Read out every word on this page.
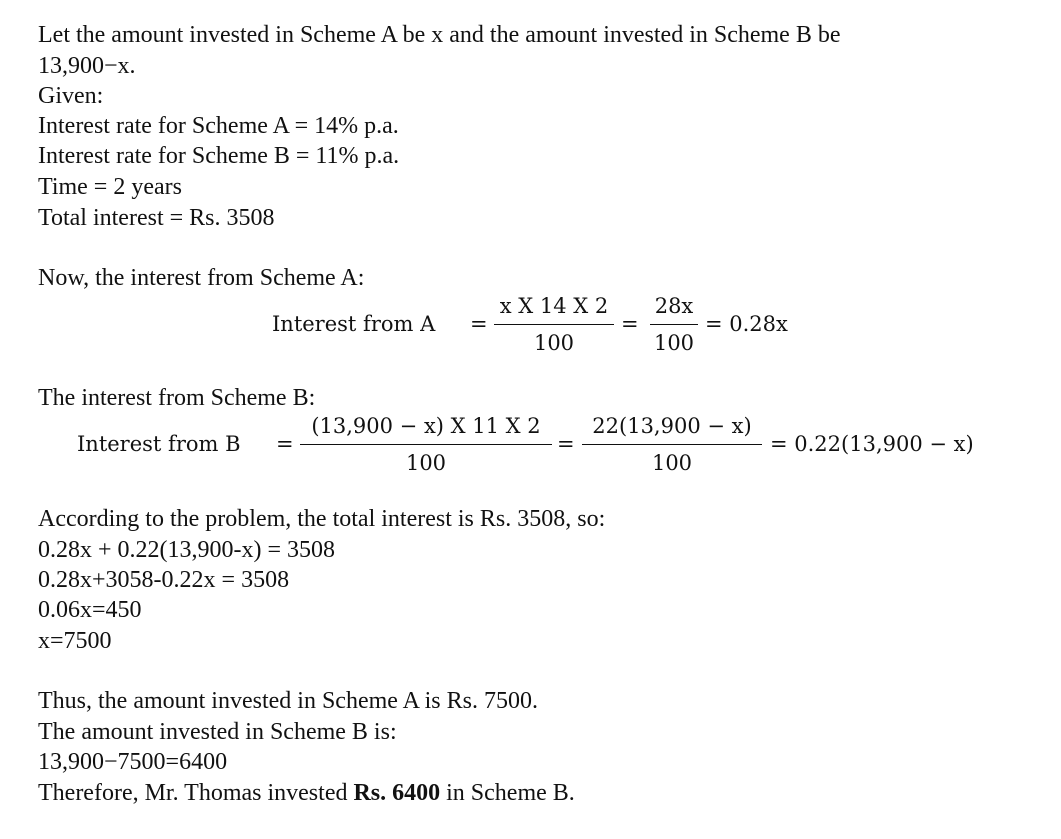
Let the amount invested in Scheme A be x and the amount invested in Scheme B be
13,900−x.
Given:
Interest rate for Scheme A = 14% p.a.
Interest rate for Scheme B = 11% p.a.
Time = 2 years
Total interest = Rs. 3508
Now, the interest from Scheme A:
Interest from A =
x X 14 X 2
100
=
28x
100
= 0.28x
The interest from Scheme B:
Interest from B =
(13,900 − x) X 11 X 2
100
=
22(13,900 − x)
100
= 0.22(13,900 − x)
According to the problem, the total interest is Rs. 3508, so:
0.28x + 0.22(13,900-x) = 3508
0.28x+3058-0.22x = 3508
0.06x=450
x=7500
Thus, the amount invested in Scheme A is Rs. 7500.
The amount invested in Scheme B is:
13,900−7500=6400
Therefore, Mr. Thomas invested Rs. 6400 in Scheme B.
